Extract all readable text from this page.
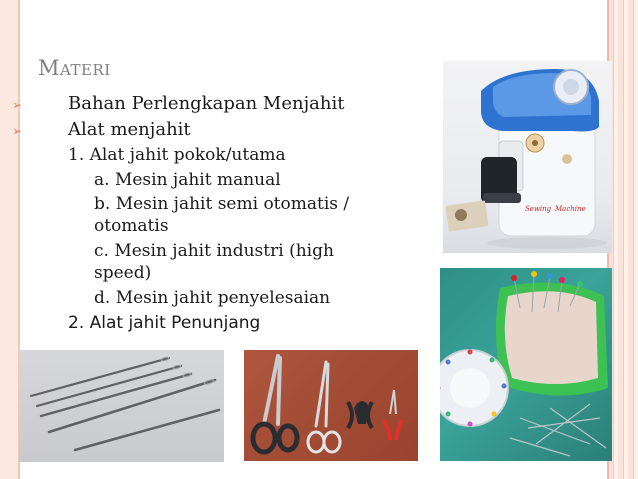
Materi
➢	Bahan Perlengkapan Menjahit
➢	Alat menjahit
1. Alat jahit pokok/utama
a. Mesin jahit manual
b. Mesin jahit semi otomatis /
otomatis
c. Mesin jahit industri (high
speed)
d. Mesin jahit penyelesaian
2. Alat jahit Penunjang
Sewing Machine
